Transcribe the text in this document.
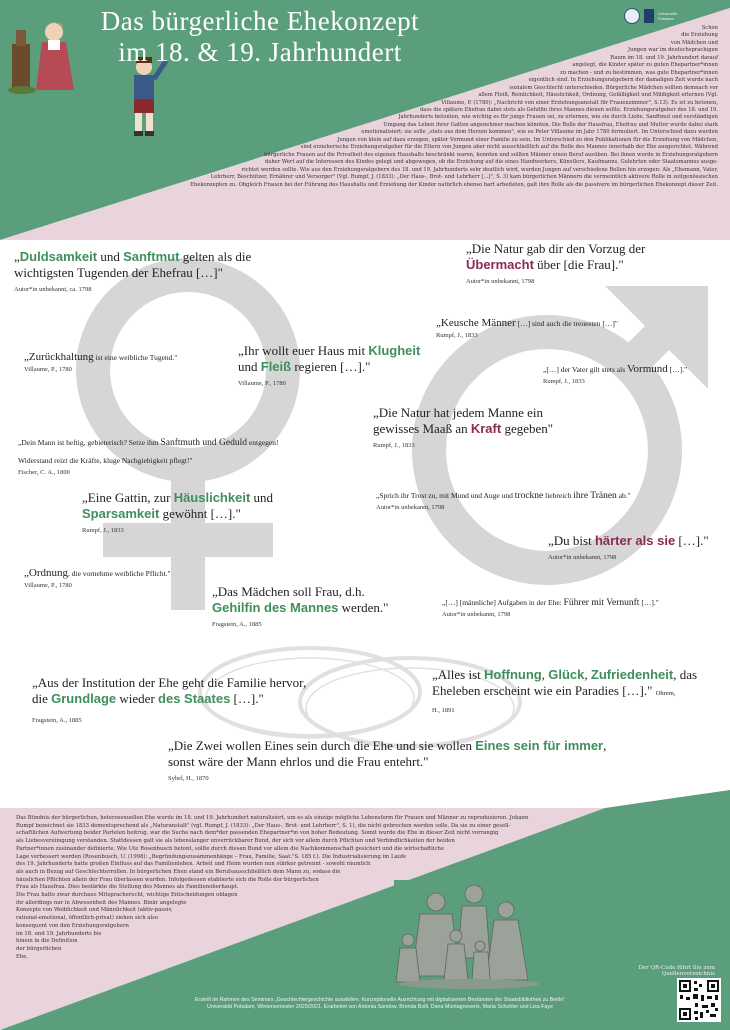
Das bürgerliche Ehekonzept
im 18. & 19. Jahrhundert
Universität
Potsdam
Schon
die Erziehung
von Mädchen und
Jungen war im deutschsprachigen
Raum im 18. und 19. Jahrhundert darauf
angelegt, die Kinder später zu guten Ehepartner*innen
zu machen - und zu bestimmen, was gute Ehepartner*innen
eigentlich sind. In Erziehungsratgebern der damaligen Zeit wurde nach
sozialem Geschlecht unterschieden. Bürgerliche Mädchen sollten demnach vor
allem Fleiß, Reinlichkeit, Häuslichkeit, Ordnung, Gefälligkeit und Mildigkeit erlernen (Vgl.
Villaume, P. (1780): „Nachricht von einer Erziehungsanstalt für Frauenzimmer", S.13). Es ist zu betonen,
dass die spätere Ehefrau dabei stets als Gehilfin ihres Mannes dienen sollte. Erziehungsratgeber des 18. und 19.
Jahrhunderts betonten, wie wichtig es für junge Frauen sei, zu erlernen, wie sie durch Liebe, Sanftmut und verständigen
Umgang das Leben ihrer Gatten angenehmer machen könnten. Die Rolle der Hausfrau, Ehefrau und Mutter wurde dabei stark
emotionalisiert: sie solle „stets aus dem Herzen kommen", wie es Peter Villaume im Jahr 1780 formuliert. Im Unterschied dazu wurden
Jungen von klein auf dazu erzogen, später Vormund einer Familie zu sein. Im Unterschied zu den Publikationen für die Erziehung von Mädchen,
sind erzieherische Erziehungsratgeber für die Eltern von Jungen aber nicht ausschließlich auf die Rolle des Mannes innerhalb der Ehe ausgerichtet. Während
bürgerliche Frauen auf die Privatheit des eigenen Haushalts beschränkt waren, konnten und sollten Männer einen Beruf ausüben. Bei ihnen wurde in Erziehungsratgebern
daher Wert auf die Interessen des Kindes gelegt und abgewogen, ob die Erziehung auf die eines Handwerkers, Künstlers, Kaufmanns, Gelehrten oder Staatsmannes ausge-
richtet werden sollte. Wie aus den Erziehungsratgebern des 18. und 19. Jahrhunderts sehr deutlich wird, wurden Jungen auf verschiedene Rollen hin erzogen: Als „Ehemann, Vater,
Lehrherr, Beschützer, Ernährer und Versorger" (Vgl. Rumpf, J. (1833): „Der Haus-, Brot- und Lehrherr [...]", S. 3) kam bürgerlichen Männern die vermeintlich aktivere Rolle in zeitgenössischen
Ehekonzepten zu. Obgleich Frauen bei der Führung des Haushalts und Erziehung der Kinder natürlich ebenso hart arbeiteten, galt ihre Rolle als die passivere im bürgerlichen Ehekonzept dieser Zeit.
„Duldsamkeit und Sanftmut gelten als die
wichtigsten Tugenden der Ehefrau […]"
Autor*in unbekannt, ca. 1798
„Die Natur gab dir den Vorzug der
Übermacht über [die Frau]."
Autor*in unbekannt, 1798
„Keusche Männer […] sind auch die treuesten […]"
Rumpf, J., 1833
„Zurückhaltung ist eine weibliche Tugend."
Villaume, P., 1780
„Ihr wollt euer Haus mit Klugheit
und Fleiß regieren […]."
Villaume, P., 1780
„[…] der Vater gilt stets als Vormund […]."
Rumpf, J., 1833
„Die Natur hat jedem Manne ein
gewisses Maaß an Kraft gegeben"
Rumpf, J., 1833
„Dein Mann ist heftig, gebieterisch? Setze ihm Sanftmuth und Geduld entgegen!
Widerstand reizt die Kräfte, kluge Nachgiebigkeit pflegt!"
Fischer, C. A., 1800
„Eine Gattin, zur Häuslichkeit und
Sparsamkeit gewöhnt […]."
Rumpf, J., 1833
„Sprich ihr Trost zu, mit Mund und Auge und trockne liebreich ihre Tränen ab."
Autor*in unbekannt, 1798
„Du bist härter als sie […]."
Autor*in unbekannt, 1798
„Ordnung, die vornehme weibliche Pflicht."
Villaume, P., 1780	„Das Mädchen soll Frau, d.h.
Gehilfin des Mannes werden."
Fragstein, A., 1885
„[…] [männliche] Aufgaben in der Ehe: Führer mit Vernunft […]."
Autor*in unbekannt, 1798
„Aus der Institution der Ehe geht die Familie hervor,
die Grundlage wieder des Staates […]."
Fragstein, A., 1885
„Alles ist Hoffnung, Glück, Zufriedenheit, das
Eheleben erscheint wie ein Paradies […]." Ohrem,
H., 1891
„Die Zwei wollen Eines sein durch die Ehe und sie wollen Eines sein für immer,
sonst wäre der Mann ehrlos und die Frau entehrt."
Sybel, H., 1870
Das Bündnis der bürgerlichen, heterosexuellen Ehe wurde im 18. und 19. Jahrhundert naturalisiert, um es als einzige mögliche Lebensform für Frauen und Männer zu reproduzieren. Johann
Rumpf bezeichnet sie 1833 dementsprechend als „Naturanstalt" (vgl. Rumpf, J. (1833): „Der Haus-, Brot- und Lehrherr", S. 1), die nicht gebrochen werden solle. Da sie zu einer gesell-
schaftlichen Aufwertung beider Parteien beitrug, war die Suche nach dem*der passenden Ehepartner*in von hoher Bedeutung. Somit wurde die Ehe in dieser Zeit nicht vorrangig
als Liebesvereinigung verstanden. Stattdessen galt sie als lebenslanger unverrückbarer Bund, der sich vor allem durch Pflichten und Verbindlichkeiten der beiden
Partner*innen zueinander definierte. Wie Ute Rosenbusch betont, sollte durch diesen Bund vor allem die Nachkommenschaft gesichert und die wirtschaftliche
Lage verbessert werden (Rosenbusch, U. (1998): „Begründungszusammenhänge – Frau, Familie, Saat."S. 185 f.). Die Industrialisierung im Laufe
des 19. Jahrhunderts hatte großen Einfluss auf das Familienleben. Arbeit und Heim wurden nun stärker getrennt - sowohl räumlich
als auch in Bezug auf Geschlechterrollen. In bürgerlichen Ehen stand ein Berufsausschließlich dem Mann zu, sodass die
häuslichen Pflichten allein der Frau überlassen wurden. Infolgedessen etablierte sich die Rolle der bürgerlichen
Frau als Hausfrau. Dies bestärkte die Stellung des Mannes als Familienoberhaupt.
Die Frau hatte zwar durchaus Mitspracherecht, wichtige Entscheidungen oblagen
ihr allerdings nur in Abwesenheit des Mannes. Binär angelegte
Konzepte von Weiblichkeit und Männlichkeit (aktiv-passiv,
rational-emotional, öffentlich-privat) ziehen sich also
konsequent von den Erziehungsratgebern
im 18. und 19. Jahrhunderts bis
hinein in die Definition
der bürgerlichen
Ehe.
Der QR-Code führt Sie zum Quellenverzeichnis
Erstellt im Rahmen des Seminars „Geschlechtergeschichte ausstellen. Konzeptionelle Ausrichtung mit digitalisierten Beständen der Staatsbibliothek zu Berlin"
Universität Potsdam, Wintersemester 2020/2021. Erarbeitet von Antonia Sandow, Brenda Bolll, Dana Montagnoveris, Maria Schuhler und Lisa Faye
